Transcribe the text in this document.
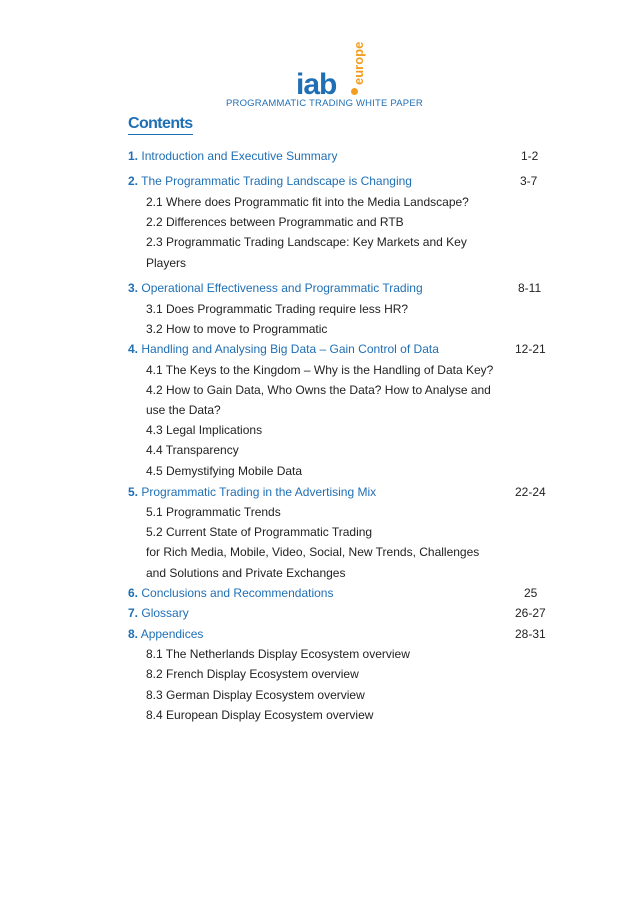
iab europe
PROGRAMMATIC TRADING WHITE PAPER
Contents
1. Introduction and Executive Summary	1-2
2. The Programmatic Trading Landscape is Changing	3-7
2.1 Where does Programmatic fit into the Media Landscape?
2.2 Differences between Programmatic and RTB
2.3 Programmatic Trading Landscape: Key Markets and Key
Players
3. Operational Effectiveness and Programmatic Trading	8-11
3.1 Does Programmatic Trading require less HR?
3.2 How to move to Programmatic
4. Handling and Analysing Big Data – Gain Control of Data	12-21
4.1 The Keys to the Kingdom – Why is the Handling of Data Key?
4.2 How to Gain Data, Who Owns the Data? How to Analyse and
use the Data?
4.3 Legal Implications
4.4 Transparency
4.5 Demystifying Mobile Data
5. Programmatic Trading in the Advertising Mix	22-24
5.1 Programmatic Trends
5.2 Current State of Programmatic Trading
for Rich Media, Mobile, Video, Social, New Trends, Challenges
and Solutions and Private Exchanges
6. Conclusions and Recommendations	25
7. Glossary	26-27
8. Appendices	28-31
8.1 The Netherlands Display Ecosystem overview
8.2 French Display Ecosystem overview
8.3 German Display Ecosystem overview
8.4 European Display Ecosystem overview
